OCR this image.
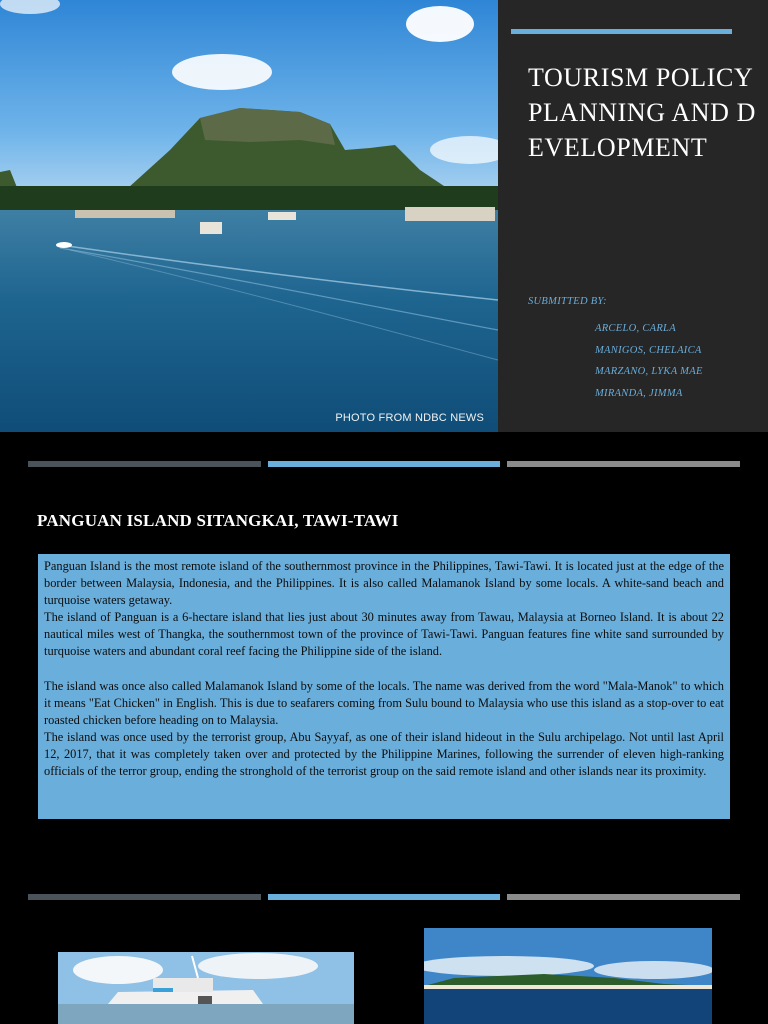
PHOTO FROM NDBC NEWS
TOURISM POLICY PLANNING AND DEVELOPMENT
SUBMITTED BY:
ARCELO, CARLA
MANIGOS, CHELAICA
MARZANO, LYKA MAE
MIRANDA, JIMMA
PANGUAN ISLAND SITANGKAI, TAWI-TAWI

Panguan Island is the most remote island of the southernmost province in the Philippines, Tawi-Tawi. It is located just at the edge of the border between Malaysia, Indonesia, and the Philippines. It is also called Malamanok Island by some locals. A white-sand beach and turquoise waters getaway.

The island of Panguan is a 6-hectare island that lies just about 30 minutes away from Tawau, Malaysia at Borneo Island. It is about 22 nautical miles west of Thangka, the southernmost town of the province of Tawi-Tawi. Panguan features fine white sand surrounded by turquoise waters and abundant coral reef facing the Philippine side of the island.

The island was once also called Malamanok Island by some of the locals. The name was derived from the word "Mala-Manok" to which it means "Eat Chicken" in English. This is due to seafarers coming from Sulu bound to Malaysia who use this island as a stop-over to eat roasted chicken before heading on to Malaysia.

The island was once used by the terrorist group, Abu Sayyaf, as one of their island hideout in the Sulu archipelago. Not until last April 12, 2017, that it was completely taken over and protected by the Philippine Marines, following the surrender of eleven high-ranking officials of the terror group, ending the stronghold of the terrorist group on the said remote island and other islands near its proximity.
